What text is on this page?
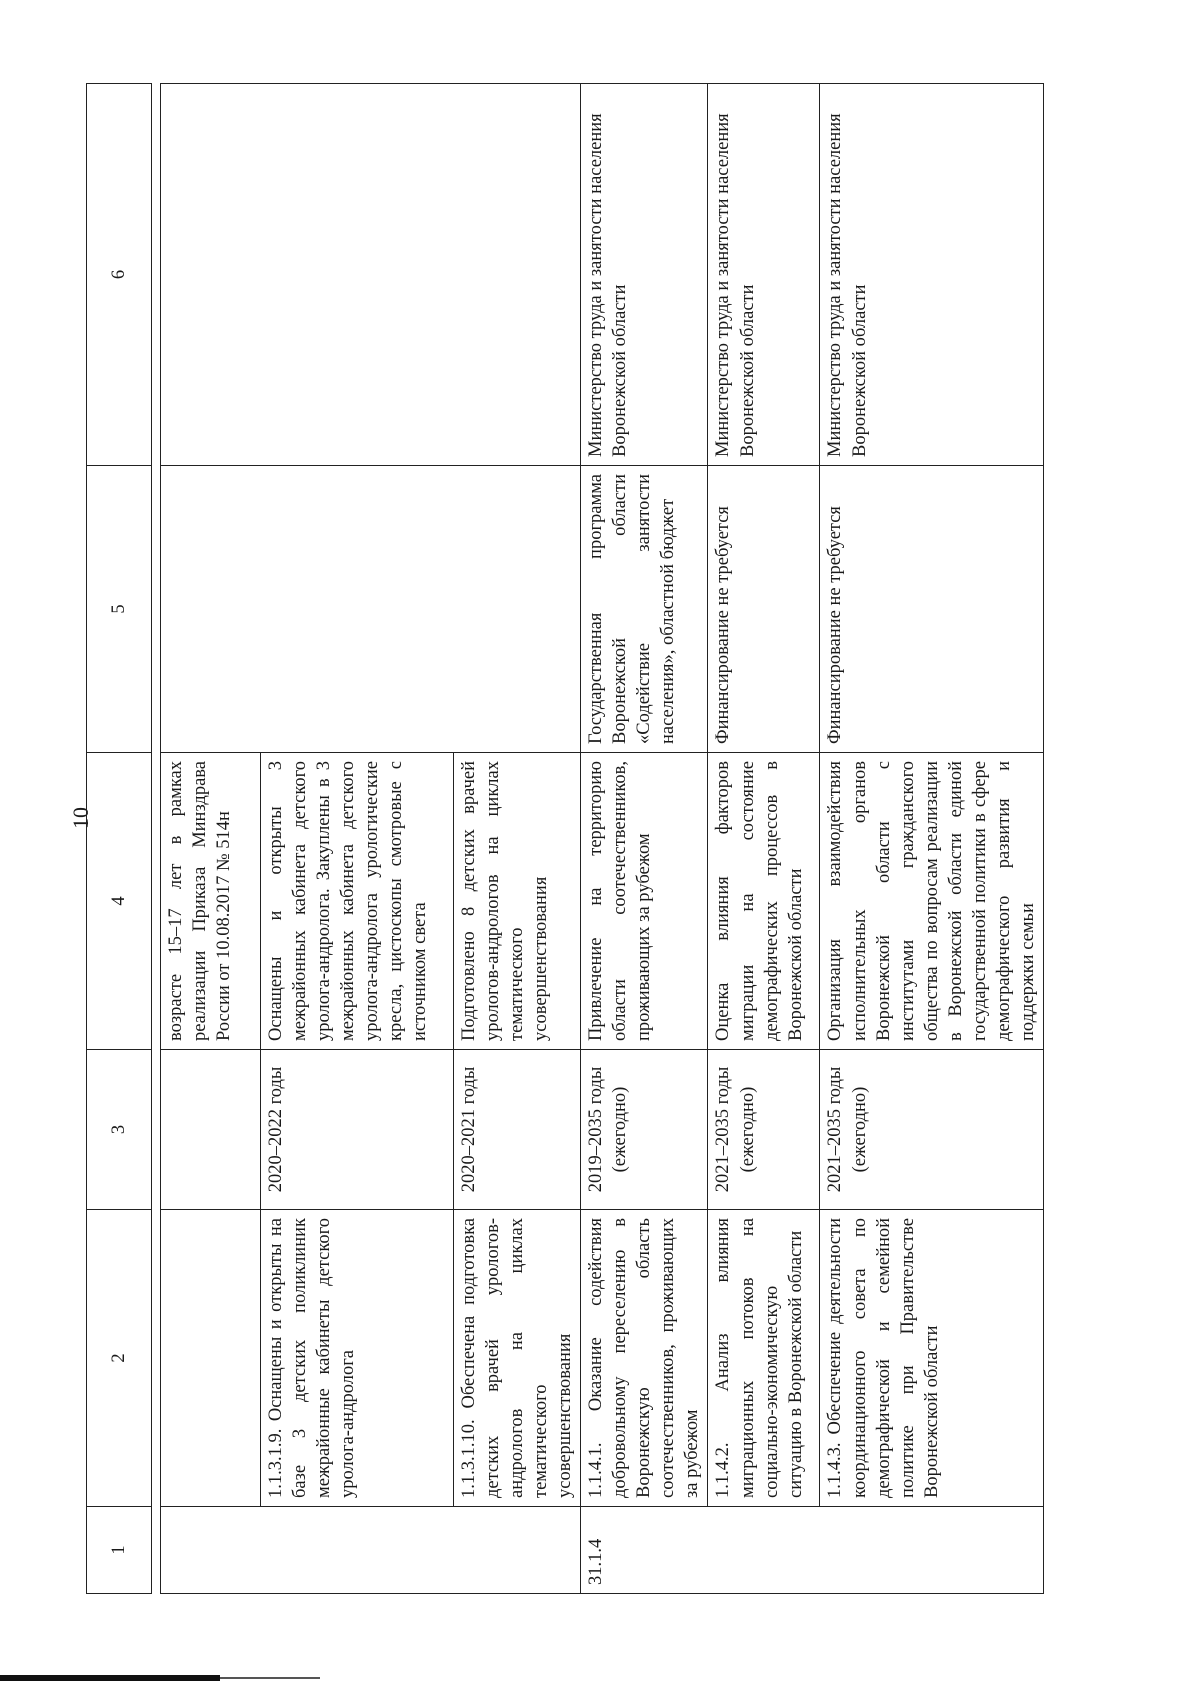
10
1	2	3	4	5	6

			возрасте 15–17 лет в рамках реализации Приказа Минздрава России от 10.08.2017 № 514н		
	1.1.3.1.9. Оснащены и открыты на базе 3 детских поликлиник межрайонные кабинеты детского уролога-андролога	2020–2022 годы	Оснащены и открыты 3 межрайонных кабинета детского уролога-андролога. Закуплены в 3 межрайонных кабинета детского уролога-андролога урологические кресла, цистоскопы смотровые с источником света		
	1.1.3.1.10. Обеспечена подготовка детских врачей урологов-андрологов на циклах тематического усовершенствования	2020–2021 годы	Подготовлено 8 детских врачей урологов-андрологов на циклах тематического усовершенствования		
31.1.4	1.1.4.1. Оказание содействия добровольному переселению в Воронежскую область соотечественников, проживающих за рубежом	2019–2035 годы (ежегодно)	Привлечение на территорию области соотечественников, проживающих за рубежом	Государственная программа Воронежской области «Содействие занятости населения», областной бюджет	Министерство труда и занятости населения Воронежской области
	1.1.4.2. Анализ влияния миграционных потоков на социально-экономическую ситуацию в Воронежской области	2021–2035 годы (ежегодно)	Оценка влияния факторов миграции на состояние демографических процессов в Воронежской области	Финансирование не требуется	Министерство труда и занятости населения Воронежской области
	1.1.4.3. Обеспечение деятельности координационного совета по демографической и семейной политике при Правительстве Воронежской области	2021–2035 годы (ежегодно)	Организация взаимодействия исполнительных органов Воронежской области с институтами гражданского общества по вопросам реализации в Воронежской области единой государственной политики в сфере демографического развития и поддержки семьи	Финансирование не требуется	Министерство труда и занятости населения Воронежской области
